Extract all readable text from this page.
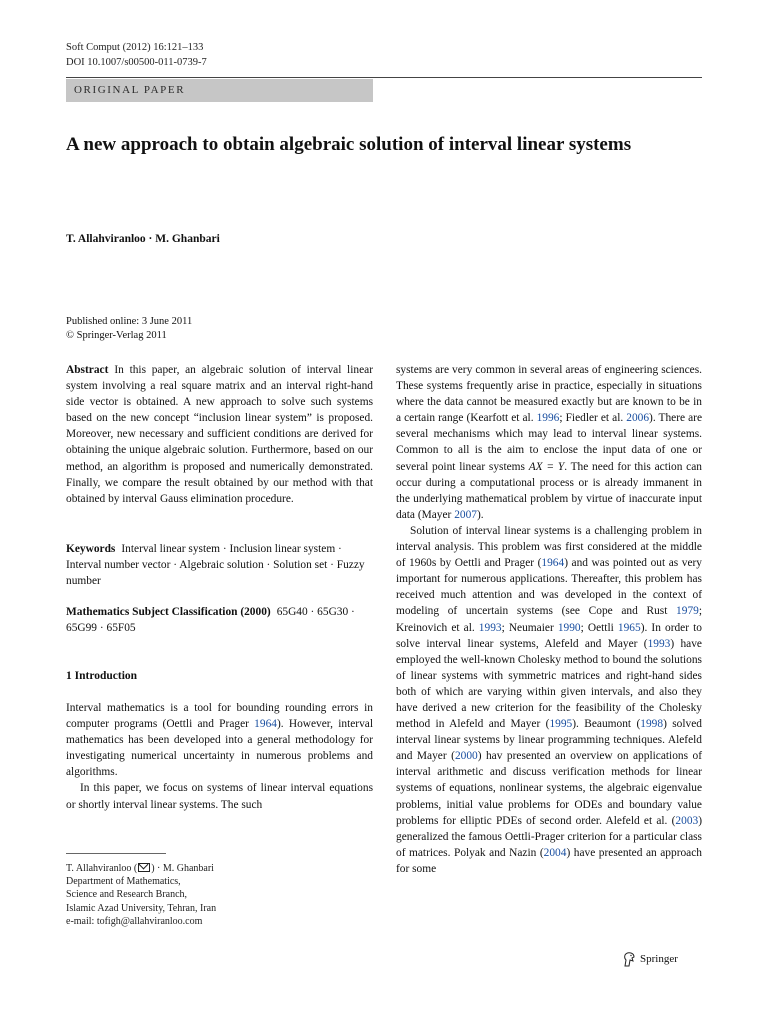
Soft Comput (2012) 16:121–133
DOI 10.1007/s00500-011-0739-7
ORIGINAL PAPER
A new approach to obtain algebraic solution of interval linear systems
T. Allahviranloo · M. Ghanbari
Published online: 3 June 2011
© Springer-Verlag 2011

Abstract In this paper, an algebraic solution of interval linear system involving a real square matrix and an interval right-hand side vector is obtained. A new approach to solve such systems based on the new concept “inclusion linear system” is proposed. Moreover, new necessary and sufficient conditions are derived for obtaining the unique algebraic solution. Furthermore, based on our method, an algorithm is proposed and numerically demonstrated. Finally, we compare the result obtained by our method with that obtained by interval Gauss elimination procedure.

Keywords Interval linear system · Inclusion linear system · Interval number vector · Algebraic solution · Solution set · Fuzzy number

Mathematics Subject Classification (2000) 65G40 · 65G30 · 65G99 · 65F05

1 Introduction

Interval mathematics is a tool for bounding rounding errors in computer programs (Oettli and Prager 1964). However, interval mathematics has been developed into a general methodology for investigating numerical uncertainty in numerous problems and algorithms.

In this paper, we focus on systems of linear interval equations or shortly interval linear systems. The such

T. Allahviranloo ( ) · M. Ghanbari
Department of Mathematics,
Science and Research Branch,
Islamic Azad University, Tehran, Iran
e-mail: tofigh@allahviranloo.com

systems are very common in several areas of engineering sciences. These systems frequently arise in practice, especially in situations where the data cannot be measured exactly but are known to be in a certain range (Kearfott et al. 1996; Fiedler et al. 2006). There are several mechanisms which may lead to interval linear systems. Common to all is the aim to enclose the input data of one or several point linear systems AX = Y. The need for this action can occur during a computational process or is already immanent in the underlying mathematical problem by virtue of inaccurate input data (Mayer 2007).

Solution of interval linear systems is a challenging problem in interval analysis. This problem was first considered at the middle of 1960s by Oettli and Prager (1964) and was pointed out as very important for numerous applications. Thereafter, this problem has received much attention and was developed in the context of modeling of uncertain systems (see Cope and Rust 1979; Kreinovich et al. 1993; Neumaier 1990; Oettli 1965). In order to solve interval linear systems, Alefeld and Mayer (1993) have employed the well-known Cholesky method to bound the solutions of linear systems with symmetric matrices and right-hand sides both of which are varying within given intervals, and also they have derived a new criterion for the feasibility of the Cholesky method in Alefeld and Mayer (1995). Beaumont (1998) solved interval linear systems by linear programming techniques. Alefeld and Mayer (2000) hav presented an overview on applications of interval arithmetic and discuss verification methods for linear systems of equations, nonlinear systems, the algebraic eigenvalue problems, initial value problems for ODEs and boundary value problems for elliptic PDEs of second order. Alefeld et al. (2003) generalized the famous Oettli-Prager criterion for a particular class of matrices. Polyak and Nazin (2004) have presented an approach for some

Springer
